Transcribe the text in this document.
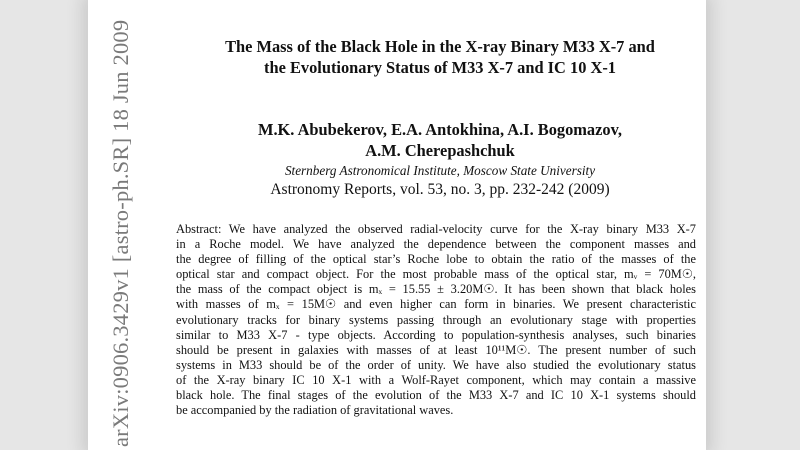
arXiv:0906.3429v1 [astro-ph.SR] 18 Jun 2009	The Mass of the Black Hole in the X-ray Binary M33 X-7 and
the Evolutionary Status of M33 X-7 and IC 10 X-1
M.K. Abubekerov, E.A. Antokhina, A.I. Bogomazov,
A.M. Cherepashchuk
Sternberg Astronomical Institute, Moscow State University
Astronomy Reports, vol. 53, no. 3, pp. 232-242 (2009)
Abstract: We have analyzed the observed radial-velocity curve for the X-ray binary M33 X-7
in a Roche model. We have analyzed the dependence between the component masses and
the degree of filling of the optical star’s Roche lobe to obtain the ratio of the masses of the
optical star and compact object. For the most probable mass of the optical star, mᵥ = 70M☉,
the mass of the compact object is mₓ = 15.55 ± 3.20M☉. It has been shown that black holes
with masses of mₓ = 15M☉ and even higher can form in binaries. We present characteristic
evolutionary tracks for binary systems passing through an evolutionary stage with properties
similar to M33 X-7 - type objects. According to population-synthesis analyses, such binaries
should be present in galaxies with masses of at least 10¹¹M☉. The present number of such
systems in M33 should be of the order of unity. We have also studied the evolutionary status
of the X-ray binary IC 10 X-1 with a Wolf-Rayet component, which may contain a massive
black hole. The final stages of the evolution of the M33 X-7 and IC 10 X-1 systems should
be accompanied by the radiation of gravitational waves.
